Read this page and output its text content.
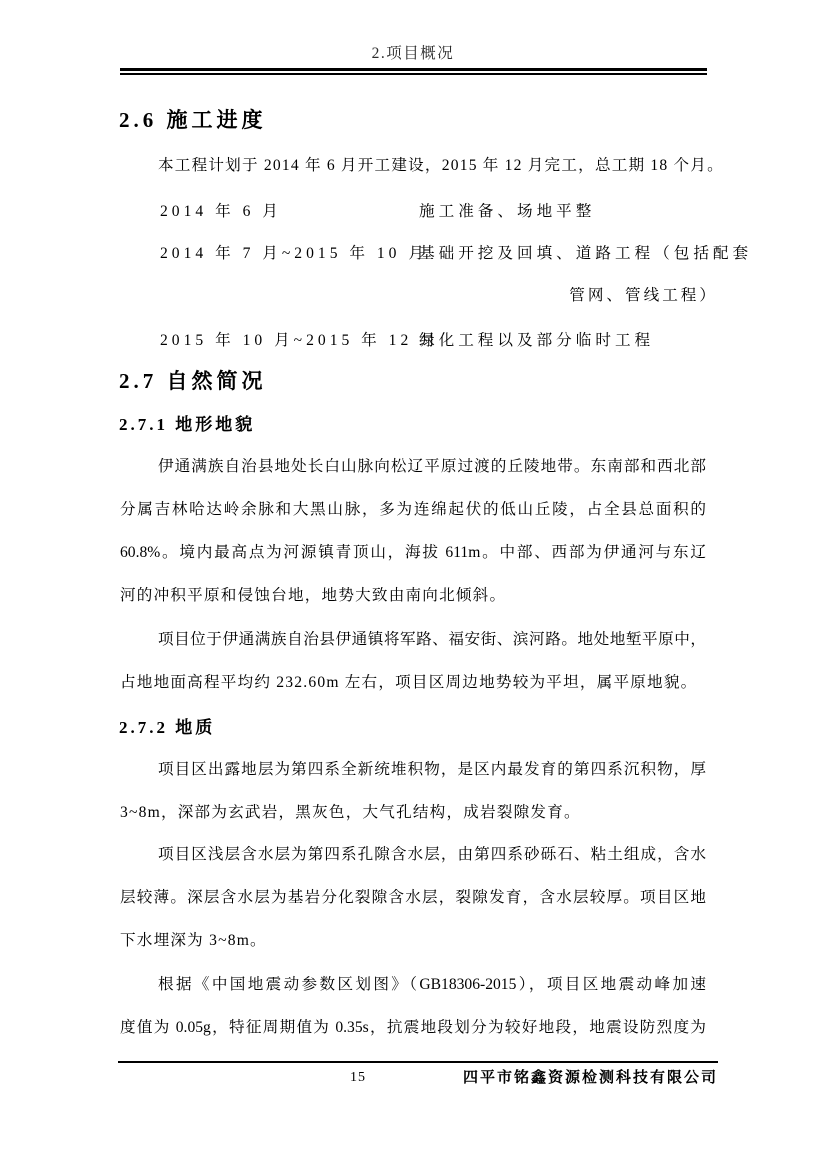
2.项目概况
2.6 施工进度
本工程计划于 2014 年 6 月开工建设，2015 年 12 月完工，总工期 18 个月。
2014 年 6 月	施工准备、场地平整
2014 年 7 月~2015 年 10 月
基础开挖及回填、道路工程（包括配套
管网、管线工程）
2015 年 10 月~2015 年 12 月
绿化工程以及部分临时工程
2.7 自然简况
2.7.1 地形地貌
伊通满族自治县地处长白山脉向松辽平原过渡的丘陵地带。东南部和西北部
分属吉林哈达岭余脉和大黑山脉，多为连绵起伏的低山丘陵，占全县总面积的
60.8%。境内最高点为河源镇青顶山，海拔 611m。中部、西部为伊通河与东辽
河的冲积平原和侵蚀台地，地势大致由南向北倾斜。
项目位于伊通满族自治县伊通镇将军路、福安街、滨河路。地处地堑平原中，
占地地面高程平均约 232.60m 左右，项目区周边地势较为平坦，属平原地貌。
2.7.2 地质
项目区出露地层为第四系全新统堆积物，是区内最发育的第四系沉积物，厚
3~8m，深部为玄武岩，黑灰色，大气孔结构，成岩裂隙发育。
项目区浅层含水层为第四系孔隙含水层，由第四系砂砾石、粘土组成，含水
层较薄。深层含水层为基岩分化裂隙含水层，裂隙发育，含水层较厚。项目区地
下水埋深为 3~8m。
根据《中国地震动参数区划图》（GB18306-2015），项目区地震动峰加速
度值为 0.05g，特征周期值为 0.35s，抗震地段划分为较好地段，地震设防烈度为
15	四平市铭鑫资源检测科技有限公司
